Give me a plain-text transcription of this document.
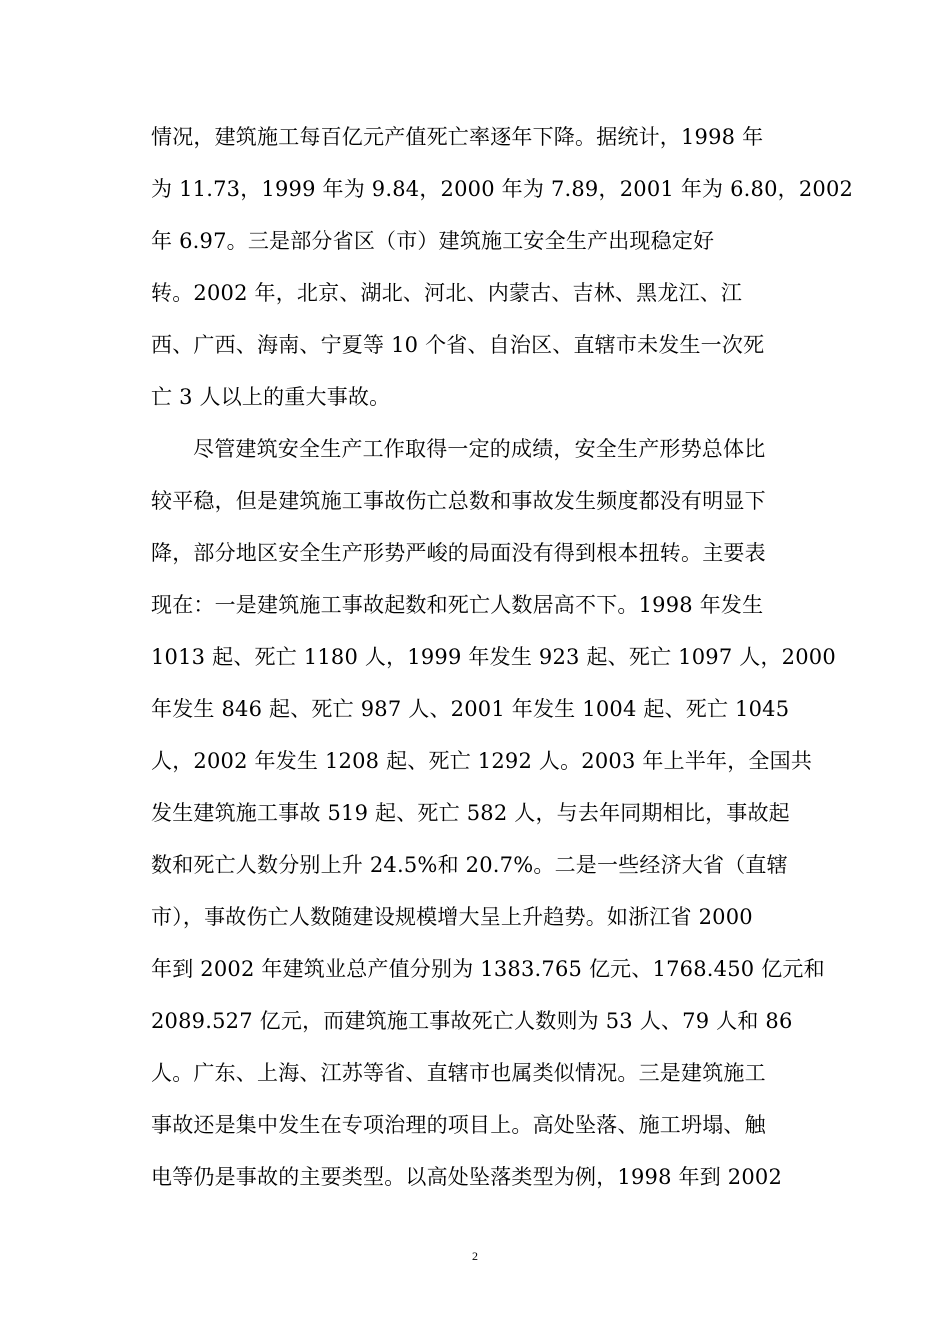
情况，建筑施工每百亿元产值死亡率逐年下降。据统计，1998 年
为 11.73，1999 年为 9.84，2000 年为 7.89，2001 年为 6.80，2002
年 6.97。三是部分省区（市）建筑施工安全生产出现稳定好
转。2002 年，北京、湖北、河北、内蒙古、吉林、黑龙江、江
西、广西、海南、宁夏等 10 个省、自治区、直辖市未发生一次死
亡 3 人以上的重大事故。
尽管建筑安全生产工作取得一定的成绩，安全生产形势总体比
较平稳，但是建筑施工事故伤亡总数和事故发生频度都没有明显下
降，部分地区安全生产形势严峻的局面没有得到根本扭转。主要表
现在：一是建筑施工事故起数和死亡人数居高不下。1998 年发生
1013 起、死亡 1180 人，1999 年发生 923 起、死亡 1097 人，2000
年发生 846 起、死亡 987 人、2001 年发生 1004 起、死亡 1045
人，2002 年发生 1208 起、死亡 1292 人。2003 年上半年，全国共
发生建筑施工事故 519 起、死亡 582 人，与去年同期相比，事故起
数和死亡人数分别上升 24.5%和 20.7%。二是一些经济大省（直辖
市），事故伤亡人数随建设规模增大呈上升趋势。如浙江省 2000
年到 2002 年建筑业总产值分别为 1383.765 亿元、1768.450 亿元和
2089.527 亿元，而建筑施工事故死亡人数则为 53 人、79 人和 86
人。广东、上海、江苏等省、直辖市也属类似情况。三是建筑施工
事故还是集中发生在专项治理的项目上。高处坠落、施工坍塌、触
电等仍是事故的主要类型。以高处坠落类型为例，1998 年到 2002
2
